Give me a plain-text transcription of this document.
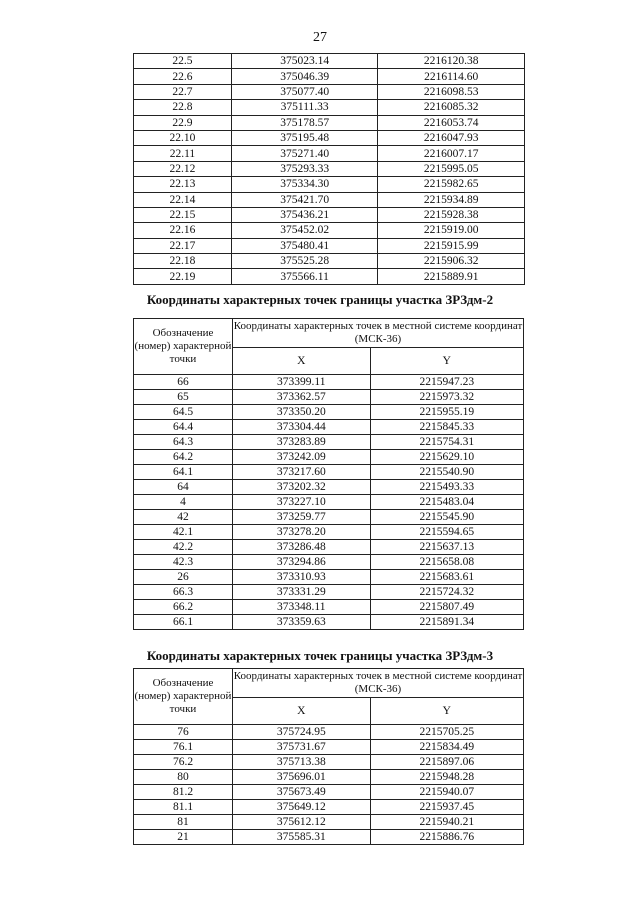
27
22.5	375023.14	2216120.38
22.6	375046.39	2216114.60
22.7	375077.40	2216098.53
22.8	375111.33	2216085.32
22.9	375178.57	2216053.74
22.10	375195.48	2216047.93
22.11	375271.40	2216007.17
22.12	375293.33	2215995.05
22.13	375334.30	2215982.65
22.14	375421.70	2215934.89
22.15	375436.21	2215928.38
22.16	375452.02	2215919.00
22.17	375480.41	2215915.99
22.18	375525.28	2215906.32
22.19	375566.11	2215889.91
Координаты характерных точек границы участка ЗРЗдм-2
Обозначение (номер) характерной точки	Координаты характерных точек в местной системе координат (МСК-36)	
	X	Y
66	373399.11	2215947.23
65	373362.57	2215973.32
64.5	373350.20	2215955.19
64.4	373304.44	2215845.33
64.3	373283.89	2215754.31
64.2	373242.09	2215629.10
64.1	373217.60	2215540.90
64	373202.32	2215493.33
4	373227.10	2215483.04
42	373259.77	2215545.90
42.1	373278.20	2215594.65
42.2	373286.48	2215637.13
42.3	373294.86	2215658.08
26	373310.93	2215683.61
66.3	373331.29	2215724.32
66.2	373348.11	2215807.49
66.1	373359.63	2215891.34
Координаты характерных точек границы участка ЗРЗдм-3
Обозначение (номер) характерной точки	Координаты характерных точек в местной системе координат (МСК-36)	
	X	Y
76	375724.95	2215705.25
76.1	375731.67	2215834.49
76.2	375713.38	2215897.06
80	375696.01	2215948.28
81.2	375673.49	2215940.07
81.1	375649.12	2215937.45
81	375612.12	2215940.21
21	375585.31	2215886.76
